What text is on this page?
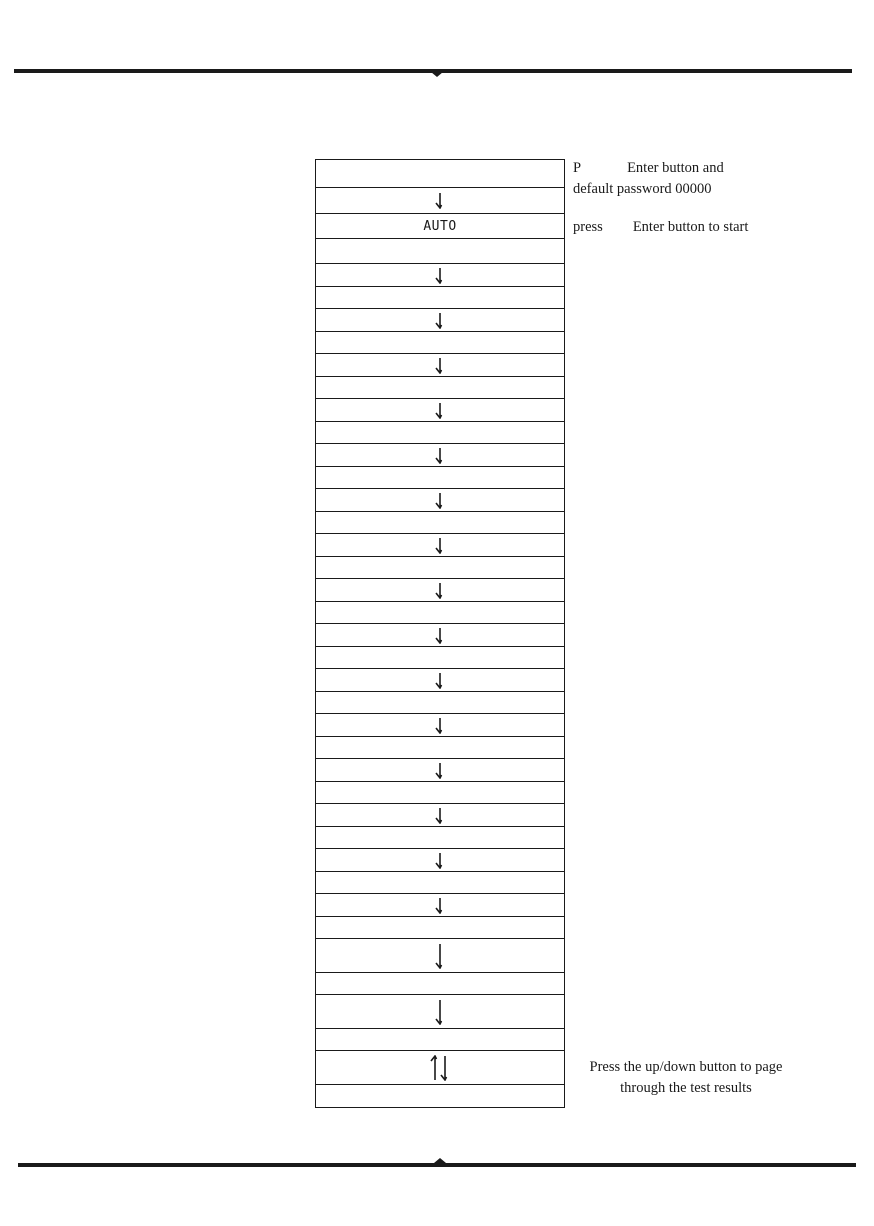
AUTO
P	Enter button and
default password 00000
press Enter button to start
Press the up/down button to page
through the test results
